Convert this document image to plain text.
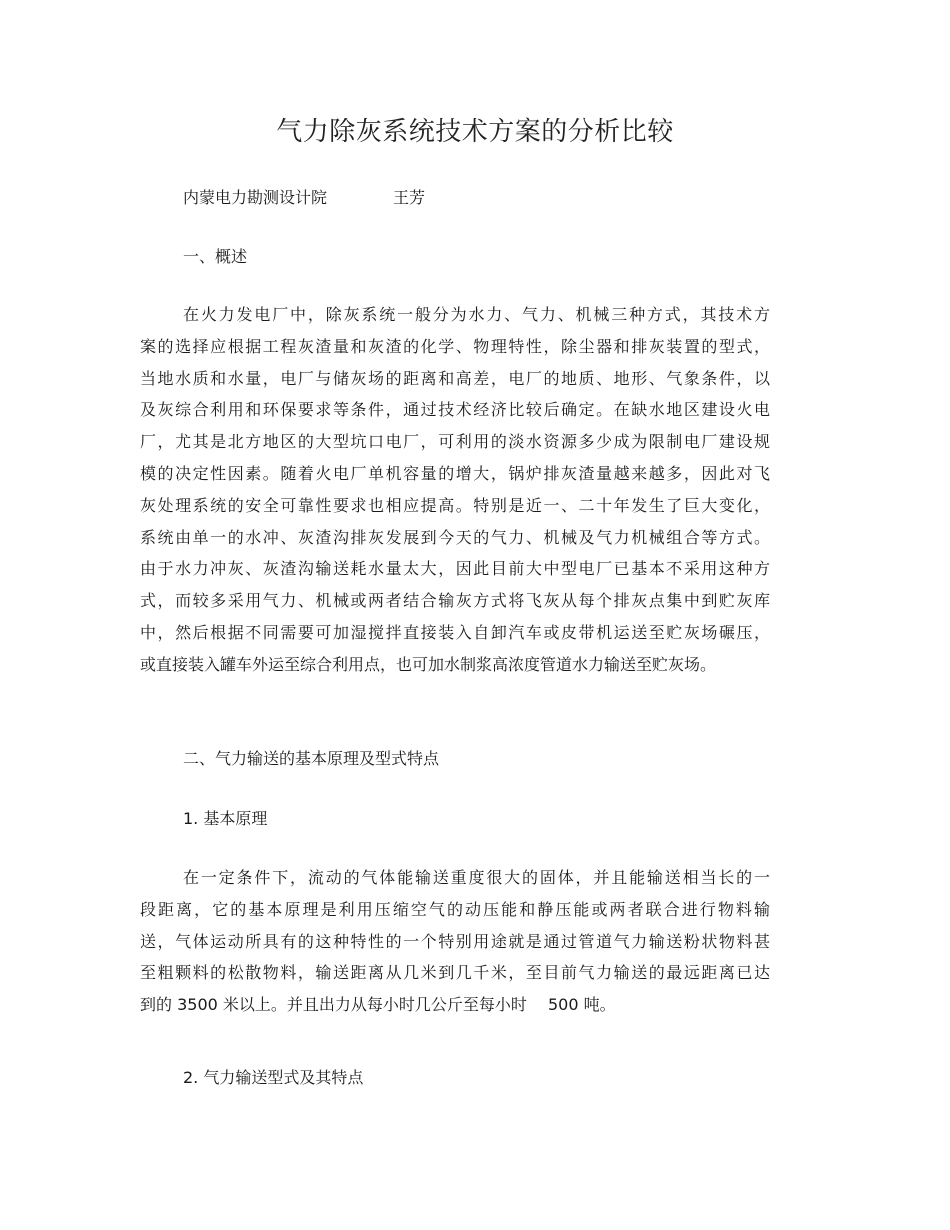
气力除灰系统技术方案的分析比较
内蒙电力勘测设计院	王芳
一、概述
在火力发电厂中，除灰系统一般分为水力、气力、机械三种方式，其技术方
案的选择应根据工程灰渣量和灰渣的化学、物理特性，除尘器和排灰装置的型式，
当地水质和水量，电厂与储灰场的距离和高差，电厂的地质、地形、气象条件，以
及灰综合利用和环保要求等条件，通过技术经济比较后确定。在缺水地区建设火电
厂，尤其是北方地区的大型坑口电厂，可利用的淡水资源多少成为限制电厂建设规
模的决定性因素。随着火电厂单机容量的增大，锅炉排灰渣量越来越多，因此对飞
灰处理系统的安全可靠性要求也相应提高。特别是近一、二十年发生了巨大变化，
系统由单一的水冲、灰渣沟排灰发展到今天的气力、机械及气力机械组合等方式。
由于水力冲灰、灰渣沟输送耗水量太大，因此目前大中型电厂已基本不采用这种方
式，而较多采用气力、机械或两者结合输灰方式将飞灰从每个排灰点集中到贮灰库
中，然后根据不同需要可加湿搅拌直接装入自卸汽车或皮带机运送至贮灰场碾压，
或直接装入罐车外运至综合利用点，也可加水制浆高浓度管道水力输送至贮灰场。
二、气力输送的基本原理及型式特点
1. 基本原理
在一定条件下，流动的气体能输送重度很大的固体，并且能输送相当长的一
段距离，它的基本原理是利用压缩空气的动压能和静压能或两者联合进行物料输
送，气体运动所具有的这种特性的一个特别用途就是通过管道气力输送粉状物料甚
至粗颗料的松散物料，输送距离从几米到几千米，至目前气力输送的最远距离已达
到的 3500 米以上。并且出力从每小时几公斤至每小时　 500 吨。
2. 气力输送型式及其特点
